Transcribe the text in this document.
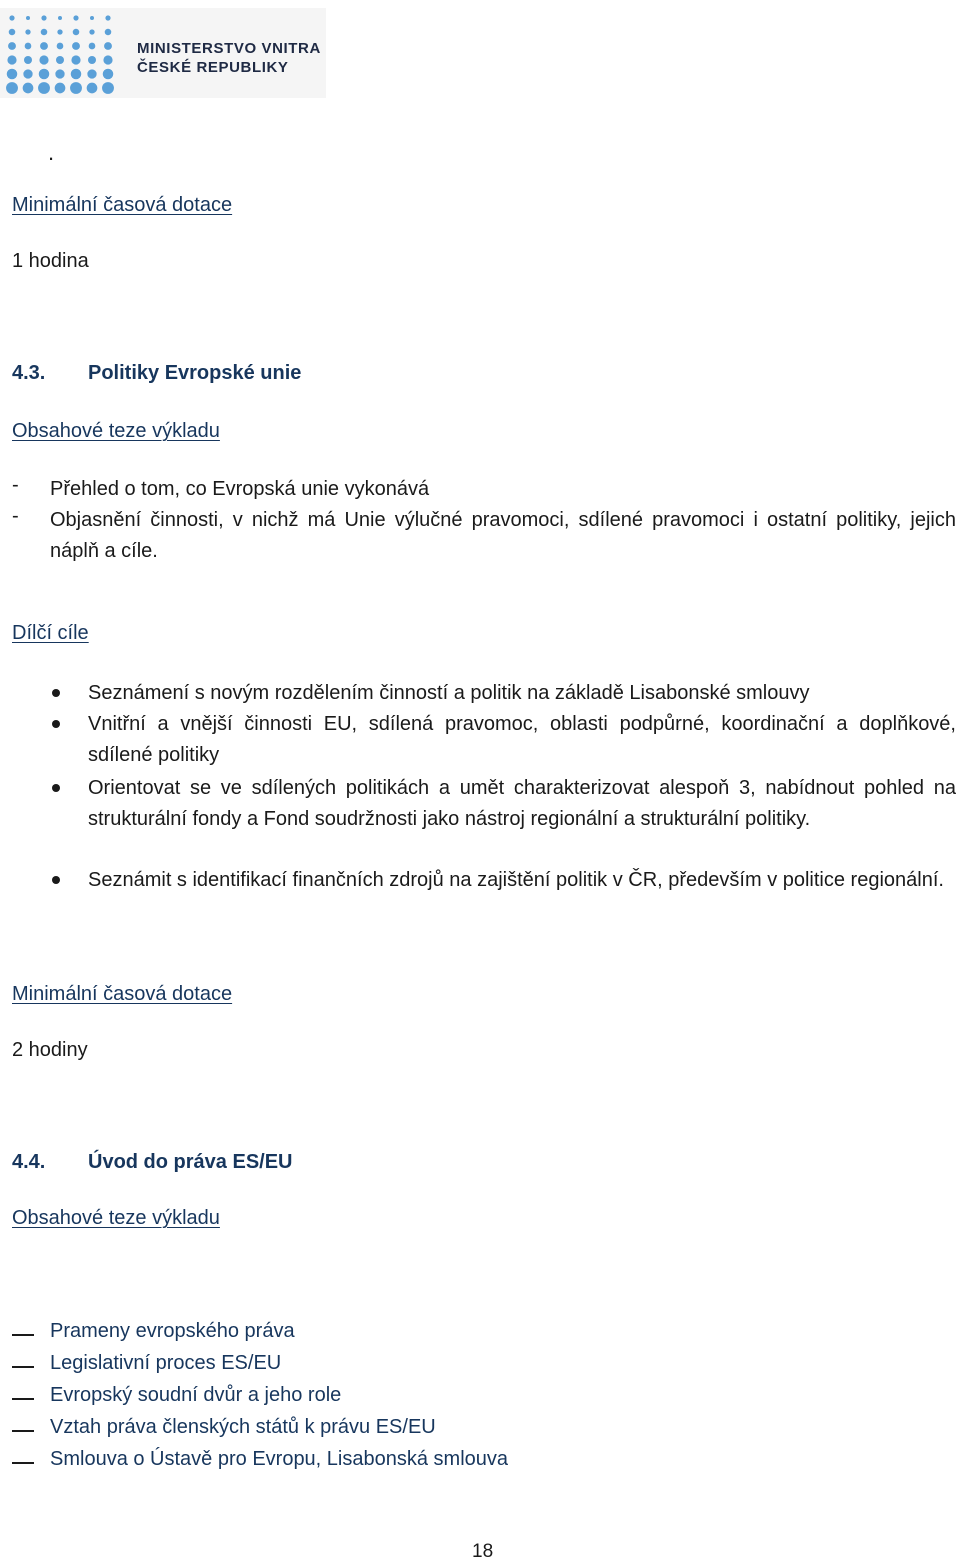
MINISTERSTVO VNITRA
ČESKÉ REPUBLIKY
.
Minimální časová dotace
1 hodina
4.3. Politiky Evropské unie
Obsahové teze výkladu
- Přehled o tom, co Evropská unie vykonává
- Objasnění činnosti, v nichž má Unie výlučné pravomoci, sdílené pravomoci i ostatní politiky, jejich náplň a cíle.
Dílčí cíle
Seznámení s novým rozdělením činností a politik na základě Lisabonské smlouvy
Vnitřní a vnější činnosti EU, sdílená pravomoc, oblasti podpůrné, koordinační a doplňkové, sdílené politiky
Orientovat se ve sdílených politikách a umět charakterizovat alespoň 3, nabídnout pohled na strukturální fondy a Fond soudržnosti jako nástroj regionální a strukturální politiky.
Seznámit s identifikací finančních zdrojů na zajištění politik v ČR, především v politice regionální.
Minimální časová dotace
2 hodiny
4.4. Úvod do práva ES/EU
Obsahové teze výkladu
Prameny evropského práva
Legislativní proces ES/EU
Evropský soudní dvůr a jeho role
Vztah práva členských států k právu ES/EU
Smlouva o Ústavě pro Evropu, Lisabonská smlouva
18
